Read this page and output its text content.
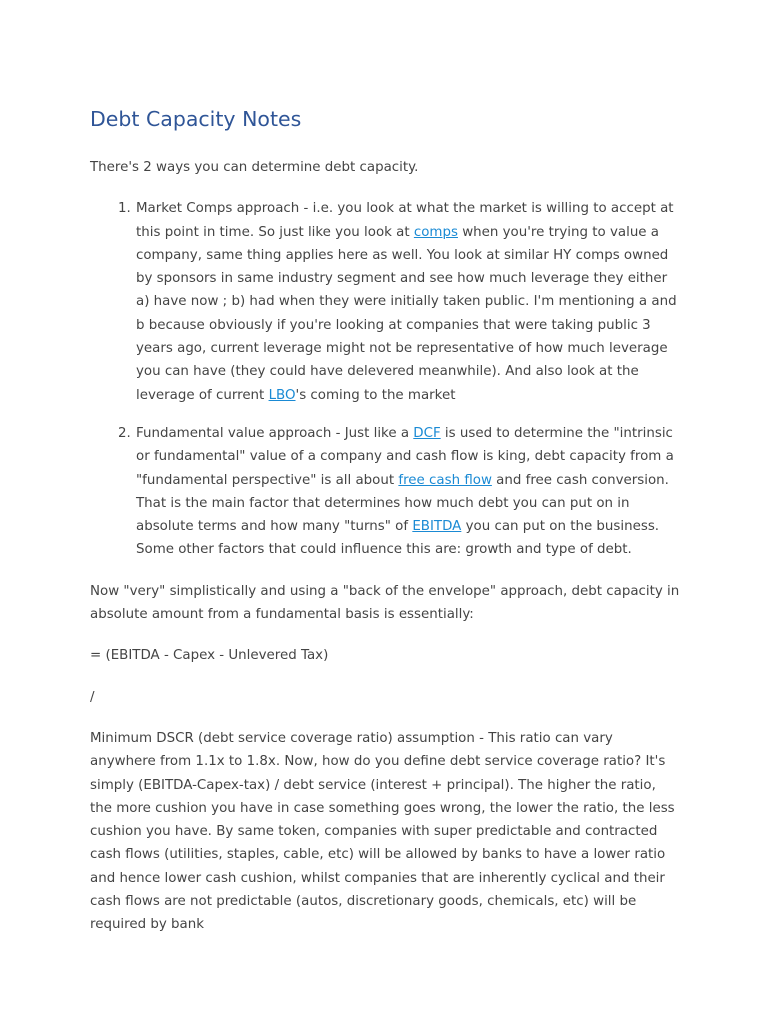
Debt Capacity Notes

There's 2 ways you can determine debt capacity.

1. Market Comps approach - i.e. you look at what the market is willing to accept at this point in time. So just like you look at comps when you're trying to value a company, same thing applies here as well. You look at similar HY comps owned by sponsors in same industry segment and see how much leverage they either a) have now ; b) had when they were initially taken public. I'm mentioning a and b because obviously if you're looking at companies that were taking public 3 years ago, current leverage might not be representative of how much leverage you can have (they could have delevered meanwhile). And also look at the leverage of current LBO's coming to the market
2. Fundamental value approach - Just like a DCF is used to determine the "intrinsic or fundamental" value of a company and cash flow is king, debt capacity from a "fundamental perspective" is all about free cash flow and free cash conversion. That is the main factor that determines how much debt you can put on in absolute terms and how many "turns" of EBITDA you can put on the business. Some other factors that could influence this are: growth and type of debt.

Now "very" simplistically and using a "back of the envelope" approach, debt capacity in absolute amount from a fundamental basis is essentially:

= (EBITDA - Capex - Unlevered Tax)

/

Minimum DSCR (debt service coverage ratio) assumption - This ratio can vary anywhere from 1.1x to 1.8x. Now, how do you define debt service coverage ratio? It's simply (EBITDA-Capex-tax) / debt service (interest + principal). The higher the ratio, the more cushion you have in case something goes wrong, the lower the ratio, the less cushion you have. By same token, companies with super predictable and contracted cash flows (utilities, staples, cable, etc) will be allowed by banks to have a lower ratio and hence lower cash cushion, whilst companies that are inherently cyclical and their cash flows are not predictable (autos, discretionary goods, chemicals, etc) will be required by bank
